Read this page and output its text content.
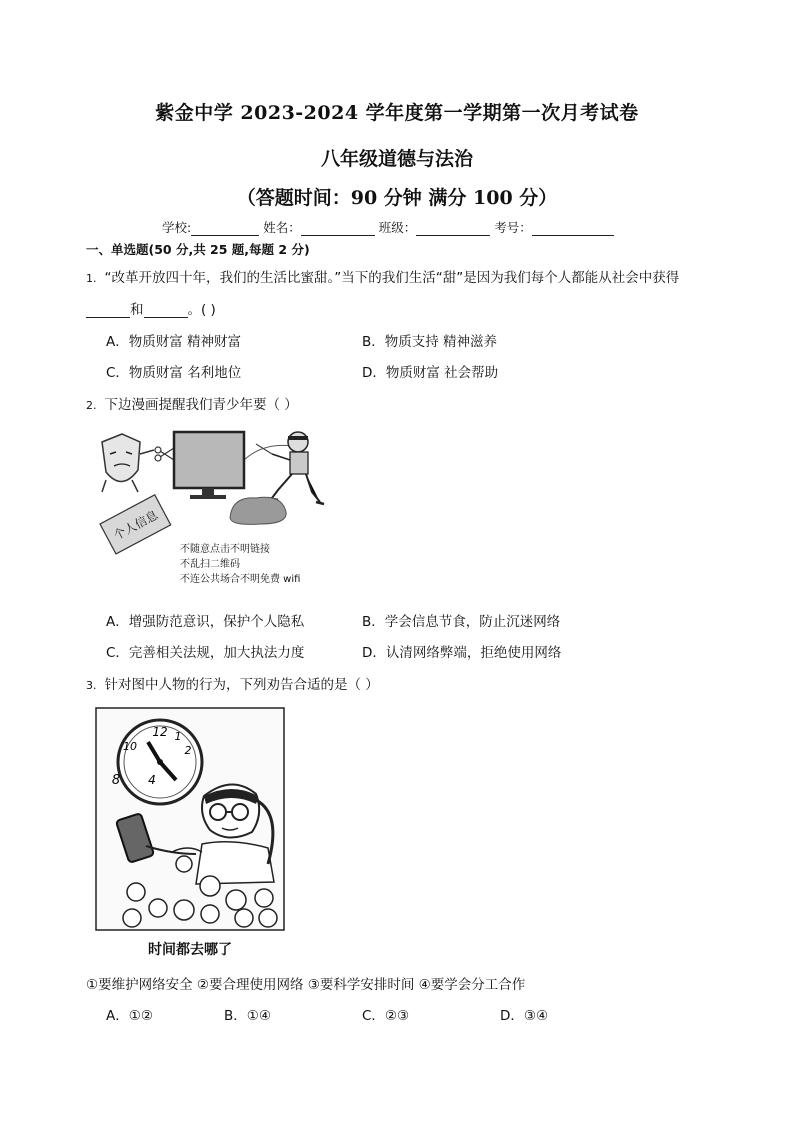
紫金中学 2023-2024 学年度第一学期第一次月考试卷
八年级道德与法治
（答题时间：90 分钟 满分 100 分）
学校:	姓名：	班级：	考号：
一、单选题(50 分,共 25 题,每题 2 分)
1. “改革开放四十年，我们的生活比蜜甜。”当下的我们生活“甜”是因为我们每个人都能从社会中获得
和	。( )
A．物质财富 精神财富	B．物质支持 精神滋养
C．物质财富 名利地位	D．物质财富 社会帮助
2. 下边漫画提醒我们青少年要（ ）
个人信息
不随意点击不明链接
不乱扫二维码
不连公共场合不明免费 wifi
A．增强防范意识，保护个人隐私	B．学会信息节食，防止沉迷网络
C．完善相关法规，加大执法力度	D．认清网络弊端，拒绝使用网络
3. 针对图中人物的行为，下列劝告合适的是（ ）
12 1
2
10
8 4
时间都去哪了
①要维护网络安全 ②要合理使用网络 ③要科学安排时间 ④要学会分工合作
A．①②	B．①④	C．②③	D．③④
